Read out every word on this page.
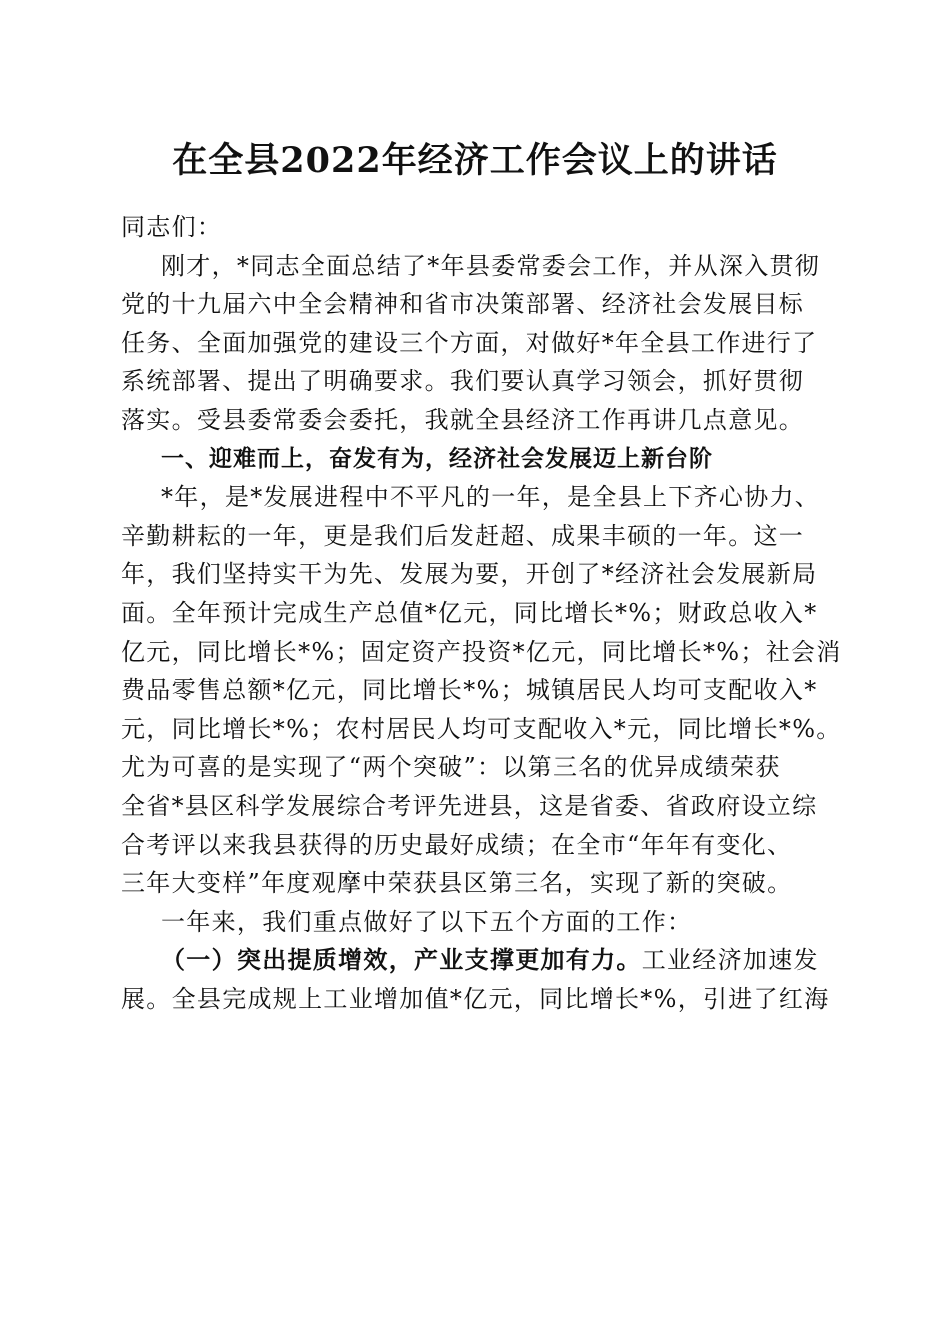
在全县2022年经济工作会议上的讲话
同志们：
刚才，*同志全面总结了*年县委常委会工作，并从深入贯彻
党的十九届六中全会精神和省市决策部署、经济社会发展目标
任务、全面加强党的建设三个方面，对做好*年全县工作进行了
系统部署、提出了明确要求。我们要认真学习领会，抓好贯彻
落实。受县委常委会委托，我就全县经济工作再讲几点意见。
一、迎难而上，奋发有为，经济社会发展迈上新台阶
*年，是*发展进程中不平凡的一年，是全县上下齐心协力、
辛勤耕耘的一年，更是我们后发赶超、成果丰硕的一年。这一
年，我们坚持实干为先、发展为要，开创了*经济社会发展新局
面。全年预计完成生产总值*亿元，同比增长*%；财政总收入*
亿元，同比增长*%；固定资产投资*亿元，同比增长*%；社会消
费品零售总额*亿元，同比增长*%；城镇居民人均可支配收入*
元，同比增长*%；农村居民人均可支配收入*元，同比增长*%。
尤为可喜的是实现了“两个突破”：以第三名的优异成绩荣获
全省*县区科学发展综合考评先进县，这是省委、省政府设立综
合考评以来我县获得的历史最好成绩；在全市“年年有变化、
三年大变样”年度观摩中荣获县区第三名，实现了新的突破。
一年来，我们重点做好了以下五个方面的工作：
（一）突出提质增效，产业支撑更加有力。工业经济加速发
展。全县完成规上工业增加值*亿元，同比增长*%，引进了红海
